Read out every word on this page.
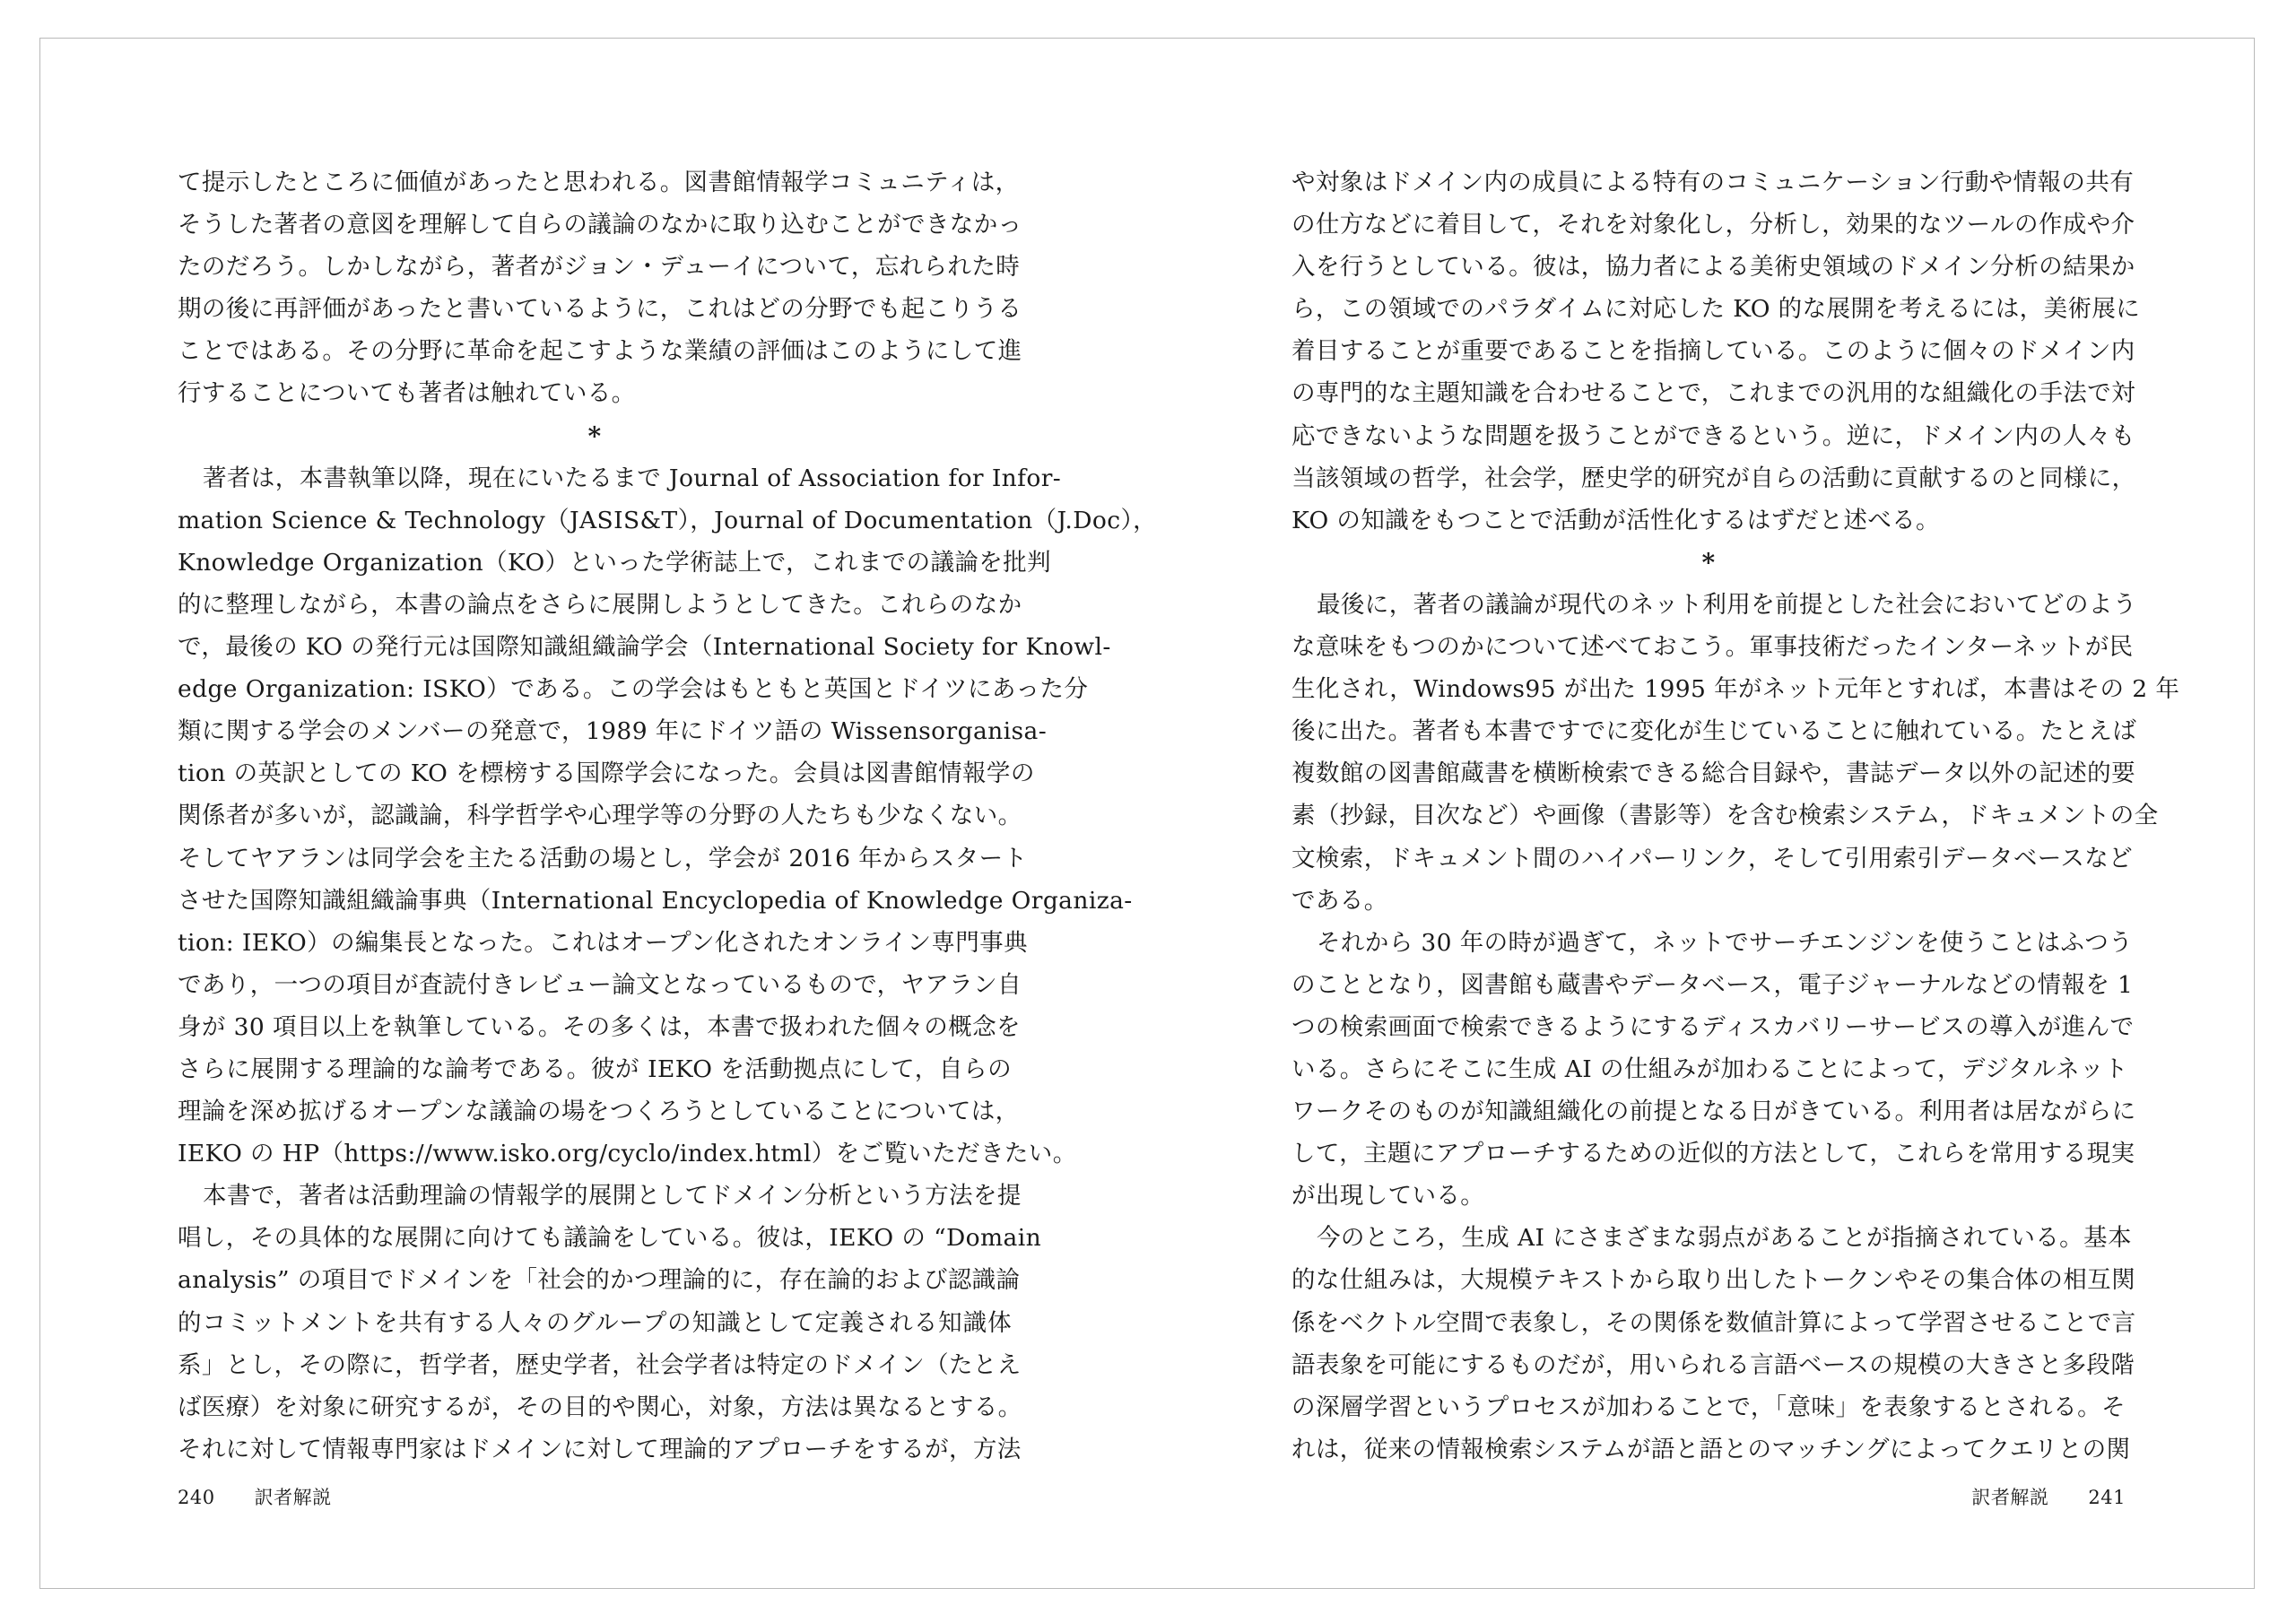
て提示したところに価値があったと思われる。図書館情報学コミュニティは，
そうした著者の意図を理解して自らの議論のなかに取り込むことができなかっ
たのだろう。しかしながら，著者がジョン・デューイについて，忘れられた時
期の後に再評価があったと書いているように，これはどの分野でも起こりうる
ことではある。その分野に革命を起こすような業績の評価はこのようにして進
行することについても著者は触れている。
*
著者は，本書執筆以降，現在にいたるまで Journal of Association for Infor-
mation Science & Technology（JASIS&T），Journal of Documentation（J.Doc），
Knowledge Organization（KO）といった学術誌上で，これまでの議論を批判
的に整理しながら，本書の論点をさらに展開しようとしてきた。これらのなか
で，最後の KO の発行元は国際知識組織論学会（International Society for Knowl-
edge Organization: ISKO）である。この学会はもともと英国とドイツにあった分
類に関する学会のメンバーの発意で，1989 年にドイツ語の Wissensorganisa-
tion の英訳としての KO を標榜する国際学会になった。会員は図書館情報学の
関係者が多いが，認識論，科学哲学や心理学等の分野の人たちも少なくない。
そしてヤアランは同学会を主たる活動の場とし，学会が 2016 年からスタート
させた国際知識組織論事典（International Encyclopedia of Knowledge Organiza-
tion: IEKO）の編集長となった。これはオープン化されたオンライン専門事典
であり，一つの項目が査読付きレビュー論文となっているもので，ヤアラン自
身が 30 項目以上を執筆している。その多くは，本書で扱われた個々の概念を
さらに展開する理論的な論考である。彼が IEKO を活動拠点にして，自らの
理論を深め拡げるオープンな議論の場をつくろうとしていることについては，
IEKO の HP（https://www.isko.org/cyclo/index.html）をご覧いただきたい。
本書で，著者は活動理論の情報学的展開としてドメイン分析という方法を提
唱し，その具体的な展開に向けても議論をしている。彼は，IEKO の “Domain
analysis” の項目でドメインを「社会的かつ理論的に，存在論的および認識論
的コミットメントを共有する人々のグループの知識として定義される知識体
系」とし，その際に，哲学者，歴史学者，社会学者は特定のドメイン（たとえ
ば医療）を対象に研究するが，その目的や関心，対象，方法は異なるとする。
それに対して情報専門家はドメインに対して理論的アプローチをするが，方法
や対象はドメイン内の成員による特有のコミュニケーション行動や情報の共有
の仕方などに着目して，それを対象化し，分析し，効果的なツールの作成や介
入を行うとしている。彼は，協力者による美術史領域のドメイン分析の結果か
ら，この領域でのパラダイムに対応した KO 的な展開を考えるには，美術展に
着目することが重要であることを指摘している。このように個々のドメイン内
の専門的な主題知識を合わせることで，これまでの汎用的な組織化の手法で対
応できないような問題を扱うことができるという。逆に，ドメイン内の人々も
当該領域の哲学，社会学，歴史学的研究が自らの活動に貢献するのと同様に，
KO の知識をもつことで活動が活性化するはずだと述べる。
*
最後に，著者の議論が現代のネット利用を前提とした社会においてどのよう
な意味をもつのかについて述べておこう。軍事技術だったインターネットが民
生化され，Windows95 が出た 1995 年がネット元年とすれば，本書はその 2 年
後に出た。著者も本書ですでに変化が生じていることに触れている。たとえば
複数館の図書館蔵書を横断検索できる総合目録や，書誌データ以外の記述的要
素（抄録，目次など）や画像（書影等）を含む検索システム，ドキュメントの全
文検索，ドキュメント間のハイパーリンク，そして引用索引データベースなど
である。
それから 30 年の時が過ぎて，ネットでサーチエンジンを使うことはふつう
のこととなり，図書館も蔵書やデータベース，電子ジャーナルなどの情報を 1
つの検索画面で検索できるようにするディスカバリーサービスの導入が進んで
いる。さらにそこに生成 AI の仕組みが加わることによって，デジタルネット
ワークそのものが知識組織化の前提となる日がきている。利用者は居ながらに
して，主題にアプローチするための近似的方法として，これらを常用する現実
が出現している。
今のところ，生成 AI にさまざまな弱点があることが指摘されている。基本
的な仕組みは，大規模テキストから取り出したトークンやその集合体の相互関
係をベクトル空間で表象し，その関係を数値計算によって学習させることで言
語表象を可能にするものだが，用いられる言語ベースの規模の大きさと多段階
の深層学習というプロセスが加わることで，「意味」を表象するとされる。そ
れは，従来の情報検索システムが語と語とのマッチングによってクエリとの関
240 訳者解説	訳者解説 241
